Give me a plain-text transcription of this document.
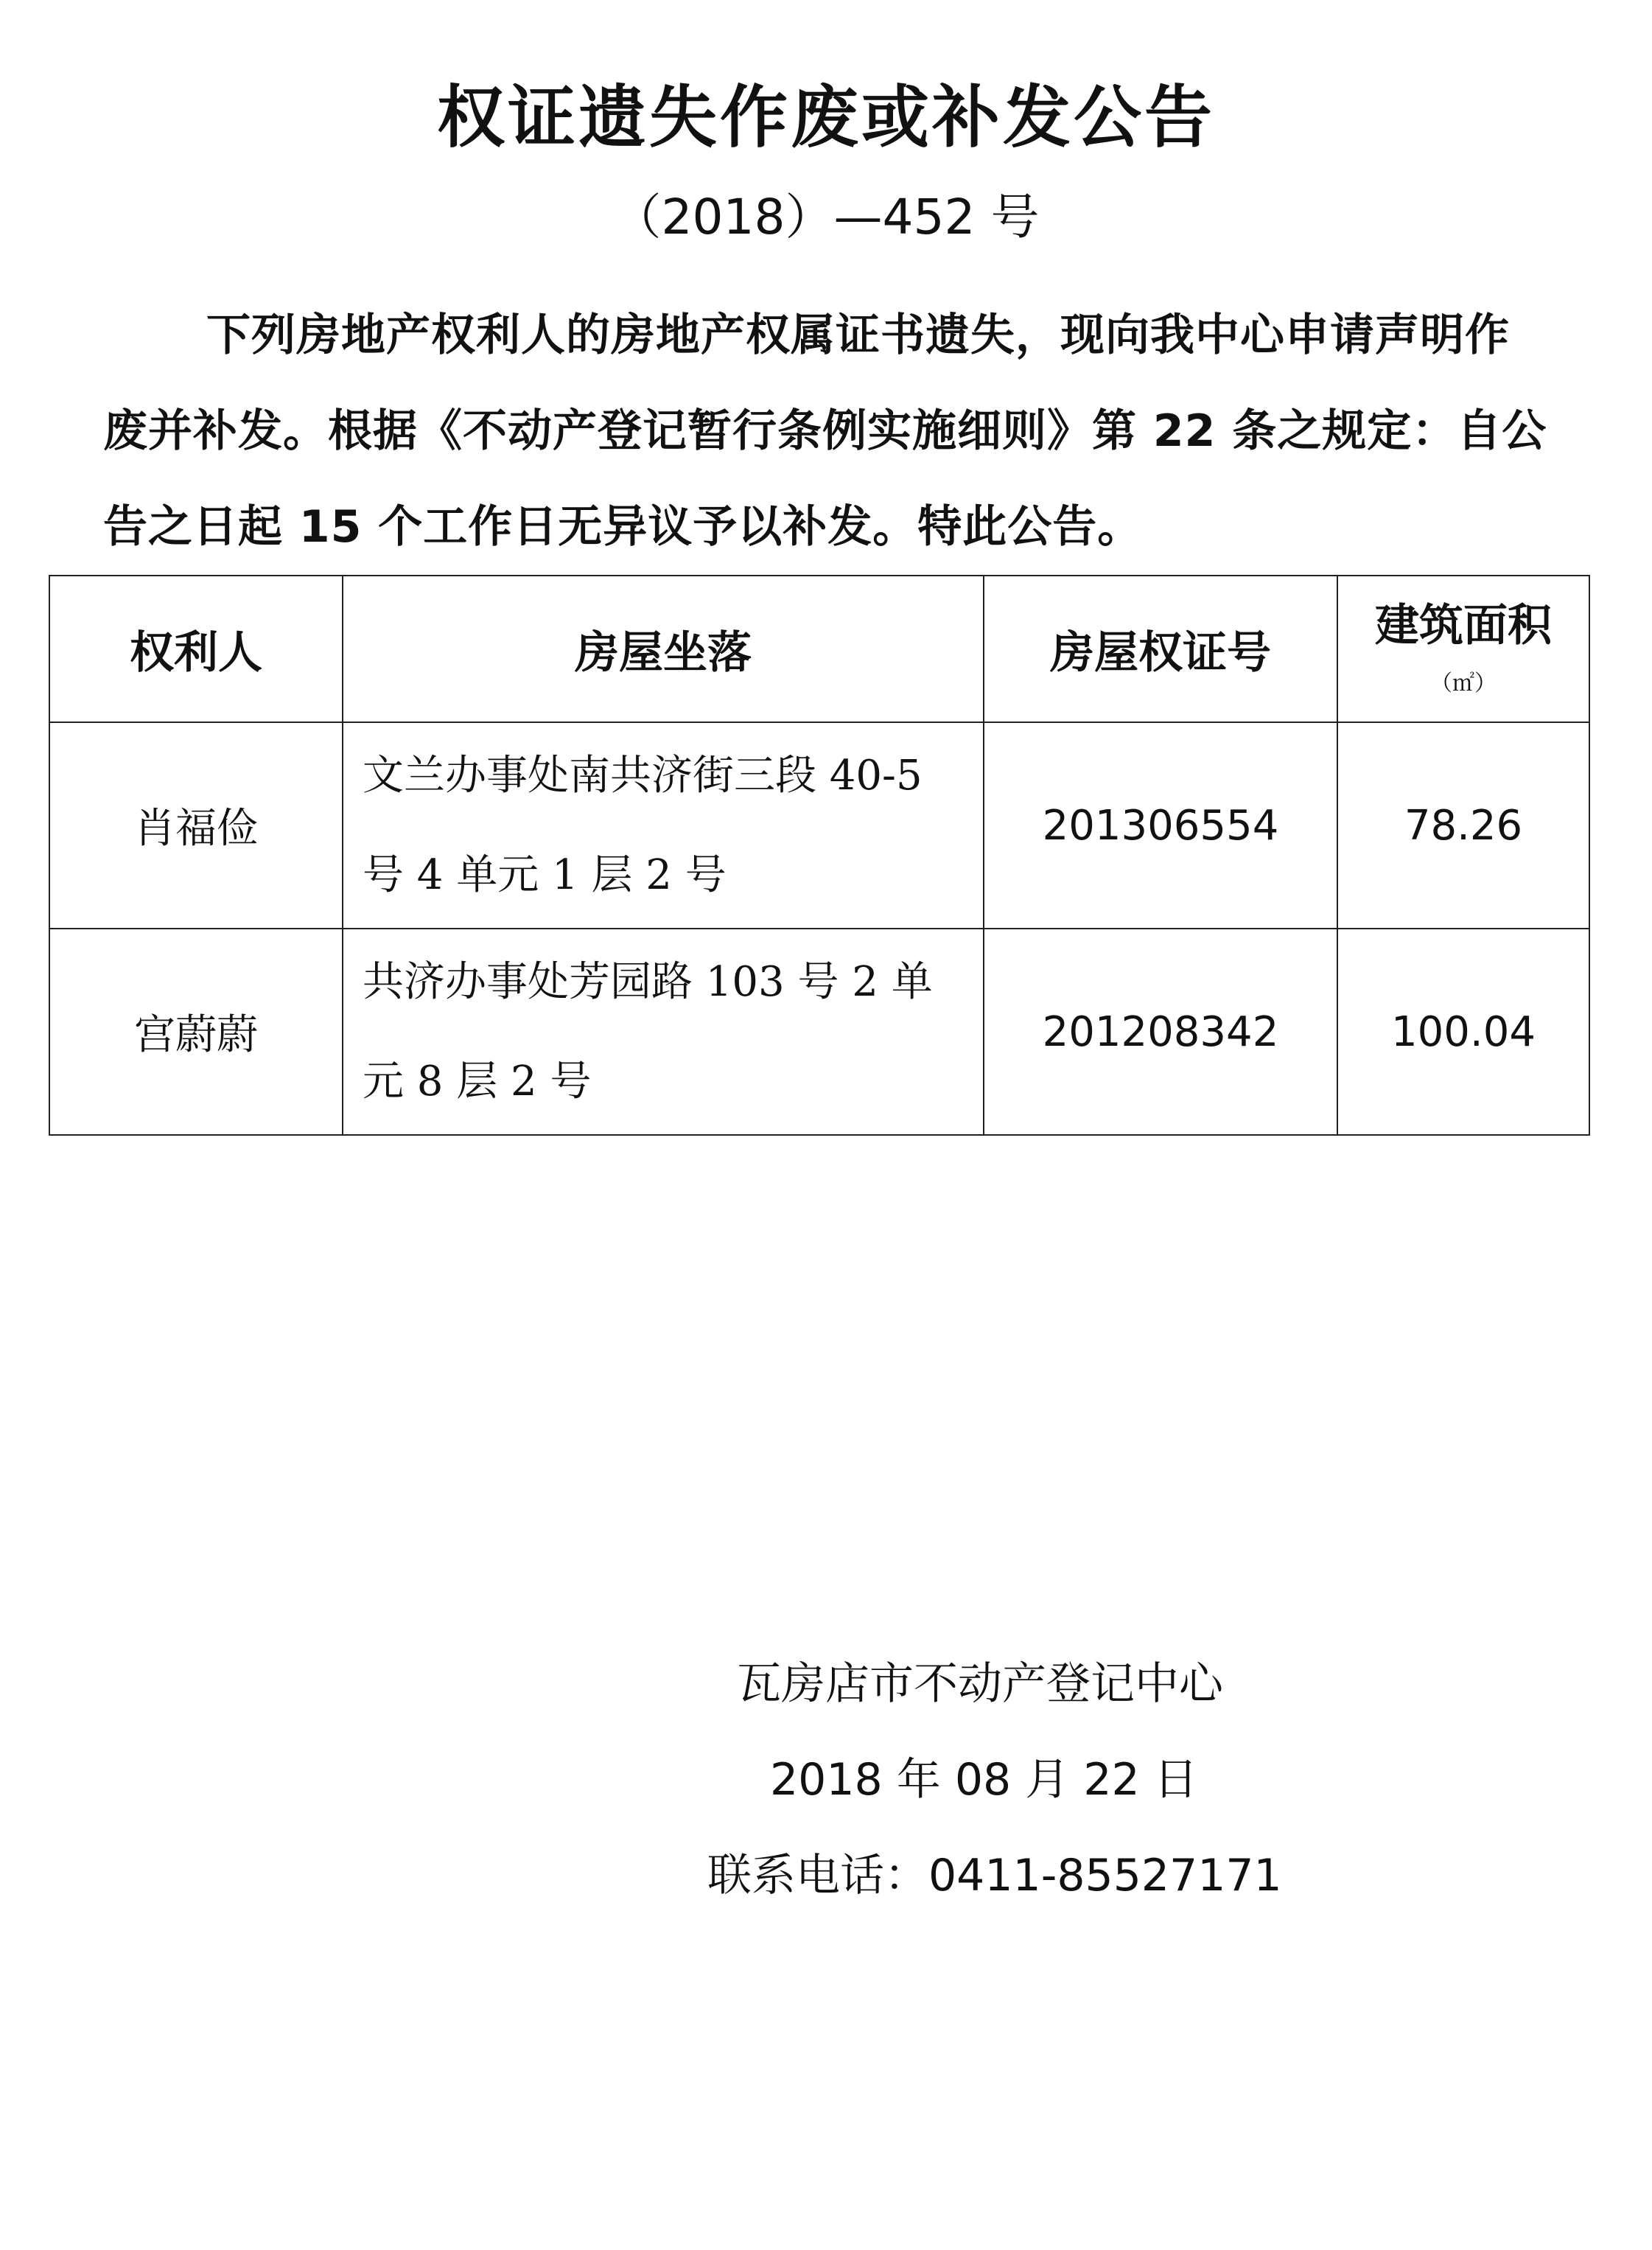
权证遗失作废或补发公告
（2018）—452 号
下列房地产权利人的房地产权属证书遗失，现向我中心申请声明作废并补发。根据《不动产登记暂行条例实施细则》第 22 条之规定：自公告之日起 15 个工作日无异议予以补发。特此公告。
权利人	房屋坐落	房屋权证号	建筑面积
（㎡）

肖福俭	文兰办事处南共济街三段 40-5 号 4 单元 1 层 2 号	201306554	78.26
宫蔚蔚	共济办事处芳园路 103 号 2 单元 8 层 2 号	201208342	100.04
瓦房店市不动产登记中心
2018 年 08 月 22 日
联系电话：0411-85527171
